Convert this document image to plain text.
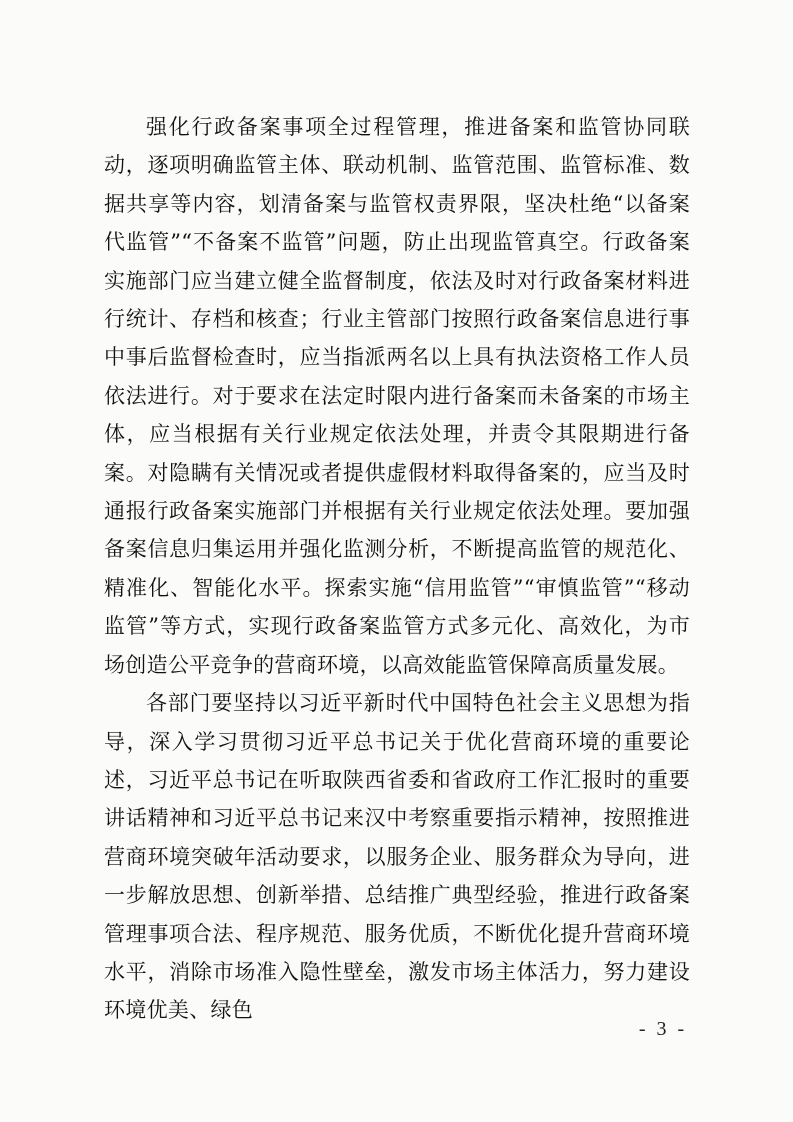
强化行政备案事项全过程管理，推进备案和监管协同联动，逐项明确监管主体、联动机制、监管范围、监管标准、数据共享等内容，划清备案与监管权责界限，坚决杜绝“以备案代监管”“不备案不监管”问题，防止出现监管真空。行政备案实施部门应当建立健全监督制度，依法及时对行政备案材料进行统计、存档和核查；行业主管部门按照行政备案信息进行事中事后监督检查时，应当指派两名以上具有执法资格工作人员依法进行。对于要求在法定时限内进行备案而未备案的市场主体，应当根据有关行业规定依法处理，并责令其限期进行备案。对隐瞒有关情况或者提供虚假材料取得备案的，应当及时通报行政备案实施部门并根据有关行业规定依法处理。要加强备案信息归集运用并强化监测分析，不断提高监管的规范化、精准化、智能化水平。探索实施“信用监管”“审慎监管”“移动监管”等方式，实现行政备案监管方式多元化、高效化，为市场创造公平竞争的营商环境，以高效能监管保障高质量发展。

各部门要坚持以习近平新时代中国特色社会主义思想为指导，深入学习贯彻习近平总书记关于优化营商环境的重要论述，习近平总书记在听取陕西省委和省政府工作汇报时的重要讲话精神和习近平总书记来汉中考察重要指示精神，按照推进营商环境突破年活动要求，以服务企业、服务群众为导向，进一步解放思想、创新举措、总结推广典型经验，推进行政备案管理事项合法、程序规范、服务优质，不断优化提升营商环境水平，消除市场准入隐性壁垒，激发市场主体活力，努力建设环境优美、绿色

- 3 -
